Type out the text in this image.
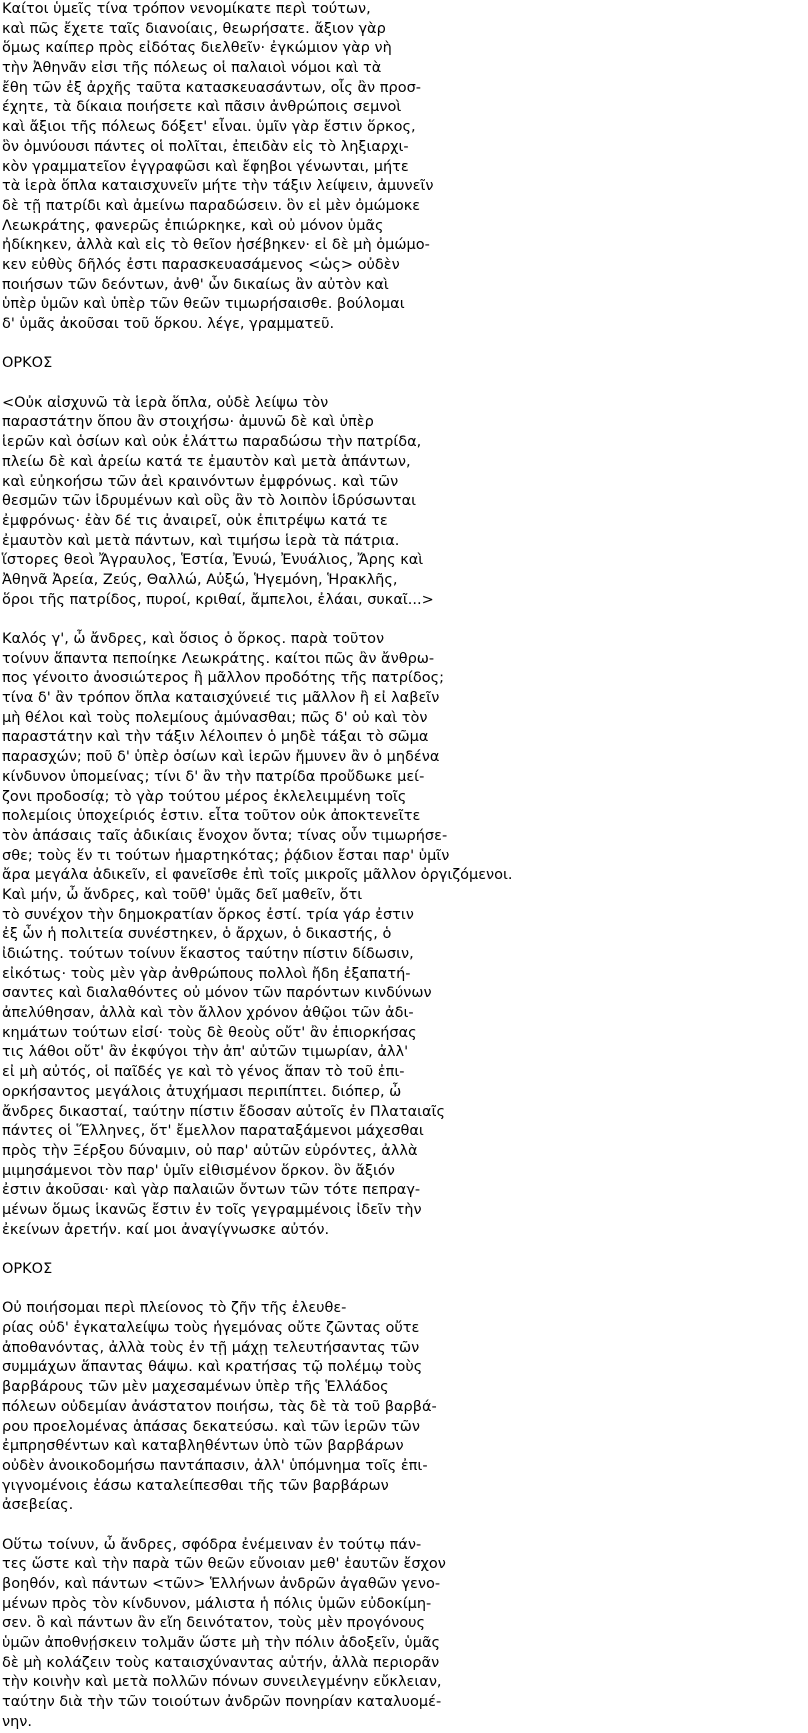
Καίτοι ὑμεῖς τίνα τρόπον νενομίκατε περὶ τούτων,
καὶ πῶς ἔχετε ταῖς διανοίαις, θεωρήσατε. ἄξιον γὰρ
ὅμως καίπερ πρὸς εἰδότας διελθεῖν· ἐγκώμιον γὰρ νὴ
τὴν Ἀθηνᾶν εἰσι τῆς πόλεως οἱ παλαιοὶ νόμοι καὶ τὰ
ἔθη τῶν ἐξ ἀρχῆς ταῦτα κατασκευασάντων, οἷς ἂν προσ-
έχητε, τὰ δίκαια ποιήσετε καὶ πᾶσιν ἀνθρώποις σεμνοὶ
καὶ ἄξιοι τῆς πόλεως δόξετ' εἶναι. ὑμῖν γὰρ ἔστιν ὅρκος,
ὃν ὀμνύουσι πάντες οἱ πολῖται, ἐπειδὰν εἰς τὸ ληξιαρχι-
κὸν γραμματεῖον ἐγγραφῶσι καὶ ἔφηβοι γένωνται, μήτε
τὰ ἱερὰ ὅπλα καταισχυνεῖν μήτε τὴν τάξιν λείψειν, ἀμυνεῖν
δὲ τῇ πατρίδι καὶ ἀμείνω παραδώσειν. ὃν εἰ μὲν ὀμώμοκε
Λεωκράτης, φανερῶς ἐπιώρκηκε, καὶ οὐ μόνον ὑμᾶς
ἠδίκηκεν, ἀλλὰ καὶ εἰς τὸ θεῖον ἠσέβηκεν· εἰ δὲ μὴ ὀμώμο-
κεν εὐθὺς δῆλός ἐστι παρασκευασάμενος <ὡς> οὐδὲν
ποιήσων τῶν δεόντων, ἀνθ' ὧν δικαίως ἂν αὐτὸν καὶ
ὑπὲρ ὑμῶν καὶ ὑπὲρ τῶν θεῶν τιμωρήσαισθε. βούλομαι
δ' ὑμᾶς ἀκοῦσαι τοῦ ὅρκου. λέγε, γραμματεῦ.
ΟΡΚΟΣ
<Οὐκ αἰσχυνῶ τὰ ἱερὰ ὅπλα, οὐδὲ λείψω τὸν
παραστάτην ὅπου ἂν στοιχήσω· ἀμυνῶ δὲ καὶ ὑπὲρ
ἱερῶν καὶ ὁσίων καὶ οὐκ ἐλάττω παραδώσω τὴν πατρίδα,
πλείω δὲ καὶ ἀρείω κατά τε ἐμαυτὸν καὶ μετὰ ἁπάντων,
καὶ εὐηκοήσω τῶν ἀεὶ κραινόντων ἐμφρόνως. καὶ τῶν
θεσμῶν τῶν ἱδρυμένων καὶ οὓς ἂν τὸ λοιπὸν ἱδρύσωνται
ἐμφρόνως· ἐὰν δέ τις ἀναιρεῖ, οὐκ ἐπιτρέψω κατά τε
ἐμαυτὸν καὶ μετὰ πάντων, καὶ τιμήσω ἱερὰ τὰ πάτρια.
ἵστορες θεοὶ Ἄγραυλος, Ἑστία, Ἐνυώ, Ἐνυάλιος, Ἄρης καὶ
Ἀθηνᾶ Ἀρεία, Ζεύς, Θαλλώ, Αὐξώ, Ἡγεμόνη, Ἡρακλῆς,
ὅροι τῆς πατρίδος, πυροί, κριθαί, ἄμπελοι, ἐλάαι, συκαῖ...>
Καλός γ', ὦ ἄνδρες, καὶ ὅσιος ὁ ὅρκος. παρὰ τοῦτον
τοίνυν ἅπαντα πεποίηκε Λεωκράτης. καίτοι πῶς ἂν ἄνθρω-
πος γένοιτο ἀνοσιώτερος ἢ μᾶλλον προδότης τῆς πατρίδος;
τίνα δ' ἂν τρόπον ὅπλα καταισχύνειέ τις μᾶλλον ἢ εἰ λαβεῖν
μὴ θέλοι καὶ τοὺς πολεμίους ἀμύνασθαι; πῶς δ' οὐ καὶ τὸν
παραστάτην καὶ τὴν τάξιν λέλοιπεν ὁ μηδὲ τάξαι τὸ σῶμα
παρασχών; ποῦ δ' ὑπὲρ ὁσίων καὶ ἱερῶν ἤμυνεν ἂν ὁ μηδένα
κίνδυνον ὑπομείνας; τίνι δ' ἂν τὴν πατρίδα προὔδωκε μεί-
ζονι προδοσίᾳ; τὸ γὰρ τούτου μέρος ἐκλελειμμένη τοῖς
πολεμίοις ὑποχείριός ἐστιν. εἶτα τοῦτον οὐκ ἀποκτενεῖτε
τὸν ἁπάσαις ταῖς ἀδικίαις ἔνοχον ὄντα; τίνας οὖν τιμωρήσε-
σθε; τοὺς ἕν τι τούτων ἡμαρτηκότας; ῥᾴδιον ἔσται παρ' ὑμῖν
ἄρα μεγάλα ἀδικεῖν, εἰ φανεῖσθε ἐπὶ τοῖς μικροῖς μᾶλλον ὀργιζόμενοι.
Καὶ μήν, ὦ ἄνδρες, καὶ τοῦθ' ὑμᾶς δεῖ μαθεῖν, ὅτι
τὸ συνέχον τὴν δημοκρατίαν ὅρκος ἐστί. τρία γάρ ἐστιν
ἐξ ὧν ἡ πολιτεία συνέστηκεν, ὁ ἄρχων, ὁ δικαστής, ὁ
ἰδιώτης. τούτων τοίνυν ἕκαστος ταύτην πίστιν δίδωσιν,
εἰκότως· τοὺς μὲν γὰρ ἀνθρώπους πολλοὶ ἤδη ἐξαπατή-
σαντες καὶ διαλαθόντες οὐ μόνον τῶν παρόντων κινδύνων
ἀπελύθησαν, ἀλλὰ καὶ τὸν ἄλλον χρόνον ἀθῷοι τῶν ἀδι-
κημάτων τούτων εἰσί· τοὺς δὲ θεοὺς οὔτ' ἂν ἐπιορκήσας
τις λάθοι οὔτ' ἂν ἐκφύγοι τὴν ἀπ' αὐτῶν τιμωρίαν, ἀλλ'
εἰ μὴ αὐτός, οἱ παῖδές γε καὶ τὸ γένος ἅπαν τὸ τοῦ ἐπι-
ορκήσαντος μεγάλοις ἀτυχήμασι περιπίπτει. διόπερ, ὦ
ἄνδρες δικασταί, ταύτην πίστιν ἔδοσαν αὐτοῖς ἐν Πλαταιαῖς
πάντες οἱ Ἕλληνες, ὅτ' ἔμελλον παραταξάμενοι μάχεσθαι
πρὸς τὴν Ξέρξου δύναμιν, οὐ παρ' αὐτῶν εὑρόντες, ἀλλὰ
μιμησάμενοι τὸν παρ' ὑμῖν εἰθισμένον ὅρκον. ὃν ἄξιόν
ἐστιν ἀκοῦσαι· καὶ γὰρ παλαιῶν ὄντων τῶν τότε πεπραγ-
μένων ὅμως ἱκανῶς ἔστιν ἐν τοῖς γεγραμμένοις ἰδεῖν τὴν
ἐκείνων ἀρετήν. καί μοι ἀναγίγνωσκε αὐτόν.
ΟΡΚΟΣ
Οὐ ποιήσομαι περὶ πλείονος τὸ ζῆν τῆς ἐλευθε-
ρίας οὐδ' ἐγκαταλείψω τοὺς ἡγεμόνας οὔτε ζῶντας οὔτε
ἀποθανόντας, ἀλλὰ τοὺς ἐν τῇ μάχῃ τελευτήσαντας τῶν
συμμάχων ἅπαντας θάψω. καὶ κρατήσας τῷ πολέμῳ τοὺς
βαρβάρους τῶν μὲν μαχεσαμένων ὑπὲρ τῆς Ἑλλάδος
πόλεων οὐδεμίαν ἀνάστατον ποιήσω, τὰς δὲ τὰ τοῦ βαρβά-
ρου προελομένας ἁπάσας δεκατεύσω. καὶ τῶν ἱερῶν τῶν
ἐμπρησθέντων καὶ καταβληθέντων ὑπὸ τῶν βαρβάρων
οὐδὲν ἀνοικοδομήσω παντάπασιν, ἀλλ' ὑπόμνημα τοῖς ἐπι-
γιγνομένοις ἐάσω καταλείπεσθαι τῆς τῶν βαρβάρων
ἀσεβείας.
Οὕτω τοίνυν, ὦ ἄνδρες, σφόδρα ἐνέμειναν ἐν τούτῳ πάν-
τες ὥστε καὶ τὴν παρὰ τῶν θεῶν εὔνοιαν μεθ' ἑαυτῶν ἔσχον
βοηθόν, καὶ πάντων <τῶν> Ἑλλήνων ἀνδρῶν ἀγαθῶν γενο-
μένων πρὸς τὸν κίνδυνον, μάλιστα ἡ πόλις ὑμῶν εὐδοκίμη-
σεν. ὃ καὶ πάντων ἂν εἴη δεινότατον, τοὺς μὲν προγόνους
ὑμῶν ἀποθνῄσκειν τολμᾶν ὥστε μὴ τὴν πόλιν ἀδοξεῖν, ὑμᾶς
δὲ μὴ κολάζειν τοὺς καταισχύναντας αὐτήν, ἀλλὰ περιορᾶν
τὴν κοινὴν καὶ μετὰ πολλῶν πόνων συνειλεγμένην εὔκλειαν,
ταύτην διὰ τὴν τῶν τοιούτων ἀνδρῶν πονηρίαν καταλυομέ-
νην.
